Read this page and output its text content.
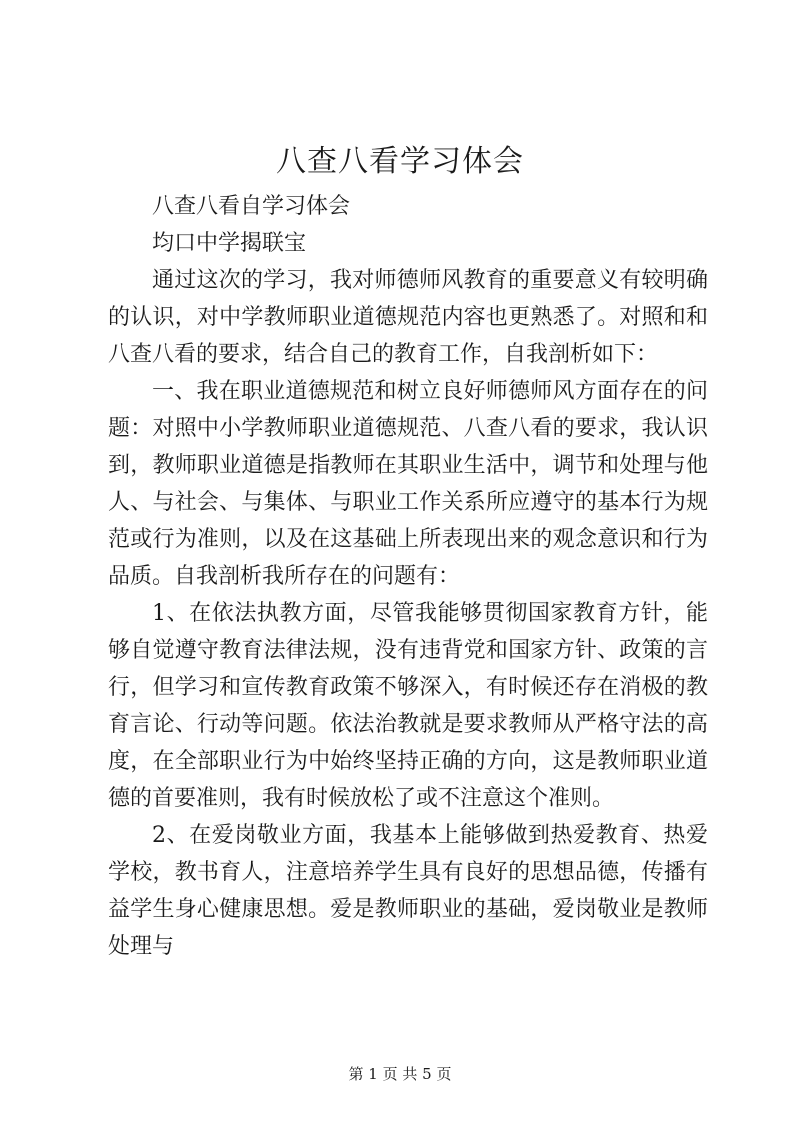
八查八看学习体会

八查八看自学习体会

均口中学揭联宝

通过这次的学习，我对师德师风教育的重要意义有较明确的认识，对中学教师职业道德规范内容也更熟悉了。对照和和八查八看的要求，结合自己的教育工作，自我剖析如下：

一、我在职业道德规范和树立良好师德师风方面存在的问题：对照中小学教师职业道德规范、八查八看的要求，我认识到，教师职业道德是指教师在其职业生活中，调节和处理与他人、与社会、与集体、与职业工作关系所应遵守的基本行为规范或行为准则，以及在这基础上所表现出来的观念意识和行为品质。自我剖析我所存在的问题有：

1、在依法执教方面，尽管我能够贯彻国家教育方针，能够自觉遵守教育法律法规，没有违背党和国家方针、政策的言行，但学习和宣传教育政策不够深入，有时候还存在消极的教育言论、行动等问题。依法治教就是要求教师从严格守法的高度，在全部职业行为中始终坚持正确的方向，这是教师职业道德的首要准则，我有时候放松了或不注意这个准则。

2、在爱岗敬业方面，我基本上能够做到热爱教育、热爱学校，教书育人，注意培养学生具有良好的思想品德，传播有益学生身心健康思想。爱是教师职业的基础，爱岗敬业是教师处理与

第 1 页 共 5 页
